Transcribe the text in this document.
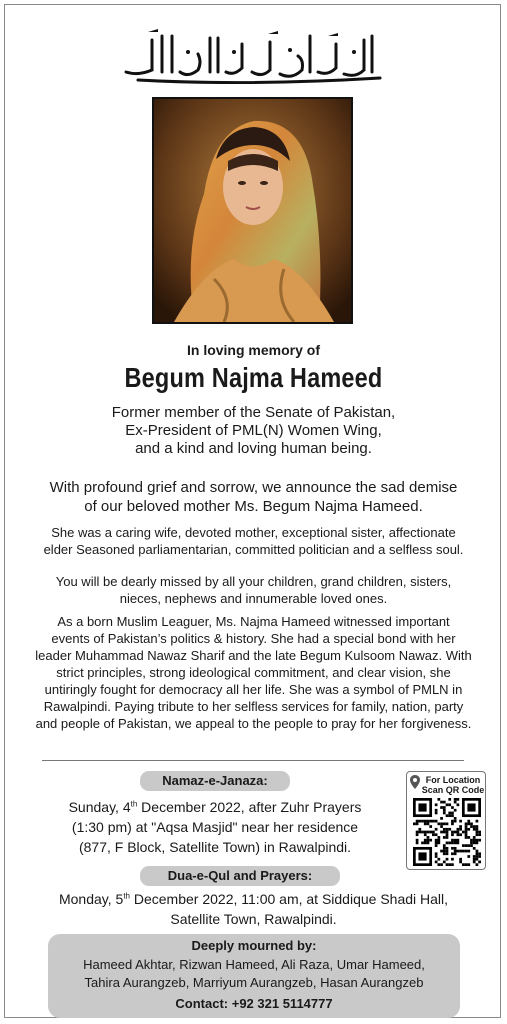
In loving memory of
Begum Najma Hameed
Former member of the Senate of Pakistan,
Ex-President of PML(N) Women Wing,
and a kind and loving human being.
With profound grief and sorrow, we announce the sad demise
of our beloved mother Ms. Begum Najma Hameed.
She was a caring wife, devoted mother, exceptional sister, affectionate
elder Seasoned parliamentarian, committed politician and a selfless soul.
You will be dearly missed by all your children, grand children, sisters,
nieces, nephews and innumerable loved ones.
As a born Muslim Leaguer, Ms. Najma Hameed witnessed important
events of Pakistan’s politics & history. She had a special bond with her
leader Muhammad Nawaz Sharif and the late Begum Kulsoom Nawaz. With
strict principles, strong ideological commitment, and clear vision, she
untiringly fought for democracy all her life. She was a symbol of PMLN in
Rawalpindi. Paying tribute to her selfless services for family, nation, party
and people of Pakistan, we appeal to the people to pray for her forgiveness.
Namaz-e-Janaza:
Sunday, 4th December 2022, after Zuhr Prayers
(1:30 pm) at "Aqsa Masjid" near her residence
(877, F Block, Satellite Town) in Rawalpindi.
For Location
Scan QR Code
Dua-e-Qul and Prayers:
Monday, 5th December 2022, 11:00 am, at Siddique Shadi Hall,
Satellite Town, Rawalpindi.
Deeply mourned by:
Hameed Akhtar, Rizwan Hameed, Ali Raza, Umar Hameed,
Tahira Aurangzeb, Marriyum Aurangzeb, Hasan Aurangzeb
Contact: +92 321 5114777
